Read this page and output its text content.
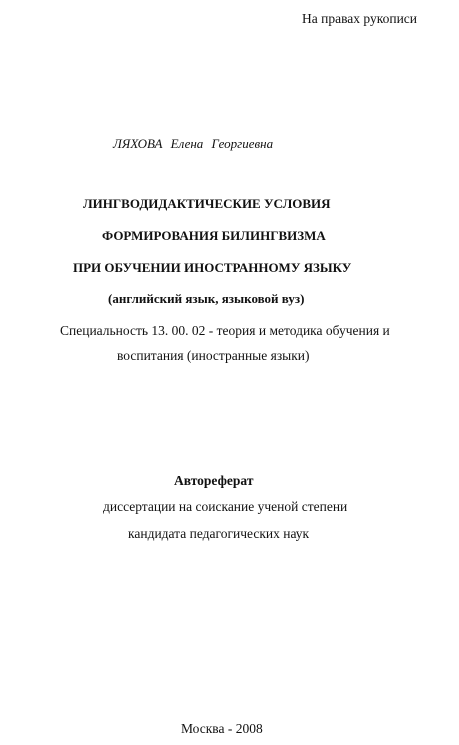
На правах рукописи
ЛЯХОВА Елена Георгиевна
ЛИНГВОДИДАКТИЧЕСКИЕ УСЛОВИЯ
ФОРМИРОВАНИЯ БИЛИНГВИЗМА
ПРИ ОБУЧЕНИИ ИНОСТРАННОМУ ЯЗЫКУ
(английский язык, языковой вуз)
Специальность 13. 00. 02 - теория и методика обучения и
воспитания (иностранные языки)
Автореферат
диссертации на соискание ученой степени
кандидата педагогических наук
Москва - 2008
